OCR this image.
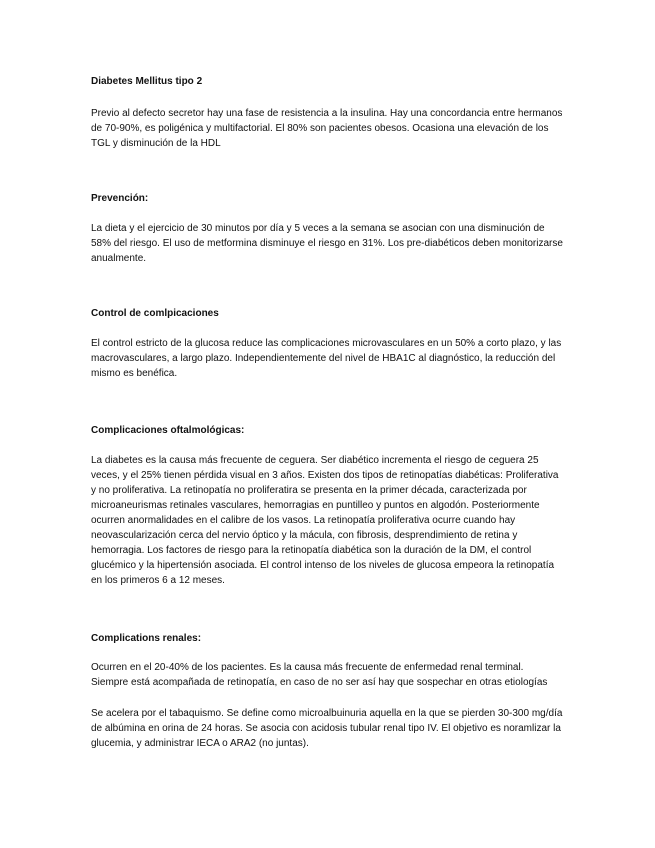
Diabetes Mellitus tipo 2

Previo al defecto secretor hay una fase de resistencia a la insulina. Hay una concordancia entre hermanos de 70-90%, es poligénica y multifactorial. El 80% son pacientes obesos. Ocasiona una elevación de los TGL y disminución de la HDL

Prevención:

La dieta y el ejercicio de 30 minutos por día y 5 veces a la semana se asocian con una disminución de 58% del riesgo. El uso de metformina disminuye el riesgo en 31%. Los pre-diabéticos deben monitorizarse anualmente.

Control de comlpicaciones

El control estricto de la glucosa reduce las complicaciones microvasculares en un 50% a corto plazo, y las macrovasculares, a largo plazo. Independientemente del nivel de HBA1C al diagnóstico, la reducción del mismo es benéfica.

Complicaciones oftalmológicas:

La diabetes es la causa más frecuente de ceguera. Ser diabético incrementa el riesgo de ceguera 25 veces, y el 25% tienen pérdida visual en 3 años. Existen dos tipos de retinopatías diabéticas: Proliferativa y no proliferativa. La retinopatía no proliferatira se presenta en la primer década, caracterizada por microaneurismas retinales vasculares, hemorragias en puntilleo y puntos en algodón. Posteriormente ocurren anormalidades en el calibre de los vasos. La retinopatía proliferativa ocurre cuando hay neovascularización cerca del nervio óptico y la mácula, con fibrosis, desprendimiento de retina y hemorragia. Los factores de riesgo para la retinopatía diabética son la duración de la DM, el control glucémico y la hipertensión asociada. El control intenso de los niveles de glucosa empeora la retinopatía en los primeros 6 a 12 meses.

Complications renales:

Ocurren en el 20-40% de los pacientes. Es la causa más frecuente de enfermedad renal terminal. Siempre está acompañada de retinopatía, en caso de no ser así hay que sospechar en otras etiologías

Se acelera por el tabaquismo. Se define como microalbuinuria aquella en la que se pierden 30-300 mg/día de albúmina en orina de 24 horas. Se asocia con acidosis tubular renal tipo IV. El objetivo es noramlizar la glucemia, y administrar IECA o ARA2 (no juntas).
